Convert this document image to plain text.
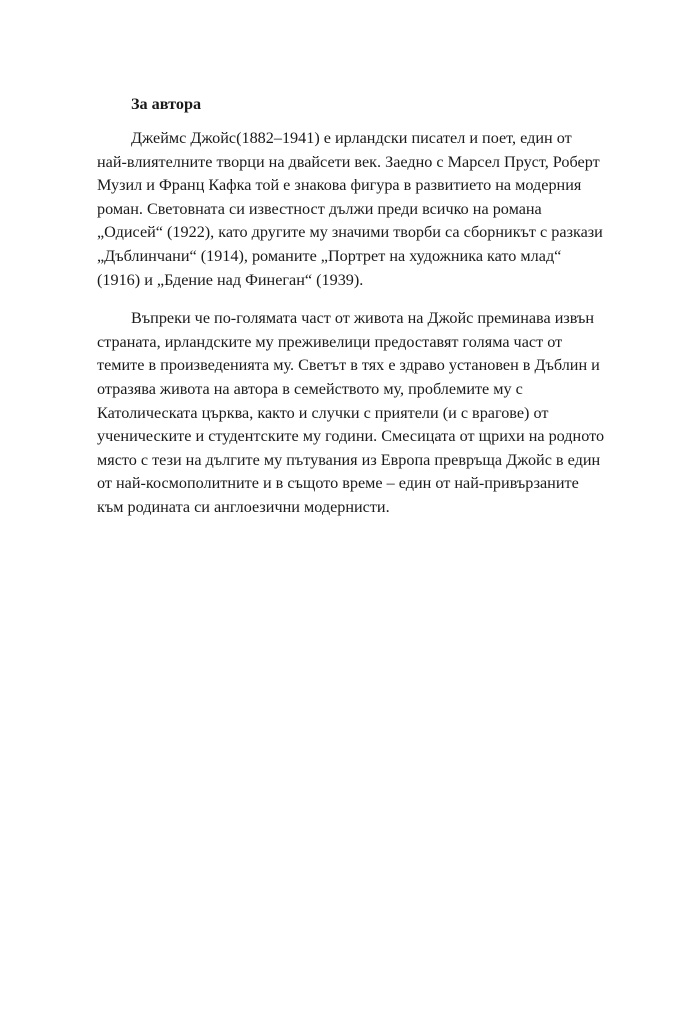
За автора
Джеймс Джойс(1882–1941) е ирландски писател и поет, един от
най-влиятелните творци на двайсети век. Заедно с Марсел Пруст, Роберт
Музил и Франц Кафка той е знакова фигура в развитието на модерния
роман. Световната си известност дължи преди всичко на романа
„Одисей“ (1922), като другите му значими творби са сборникът с разкази
„Дъблинчани“ (1914), романите „Портрет на художника като млад“
(1916) и „Бдение над Финеган“ (1939).
Въпреки че по-голямата част от живота на Джойс преминава извън
страната, ирландските му преживелици предоставят голяма част от
темите в произведенията му. Светът в тях е здраво установен в Дъблин и
отразява живота на автора в семейството му, проблемите му с
Католическата църква, както и случки с приятели (и с врагове) от
ученическите и студентските му години. Смесицата от щрихи на родното
място с тези на дългите му пътувания из Европа превръща Джойс в един
от най-космополитните и в същото време – един от най-привързаните
към родината си англоезични модернисти.
